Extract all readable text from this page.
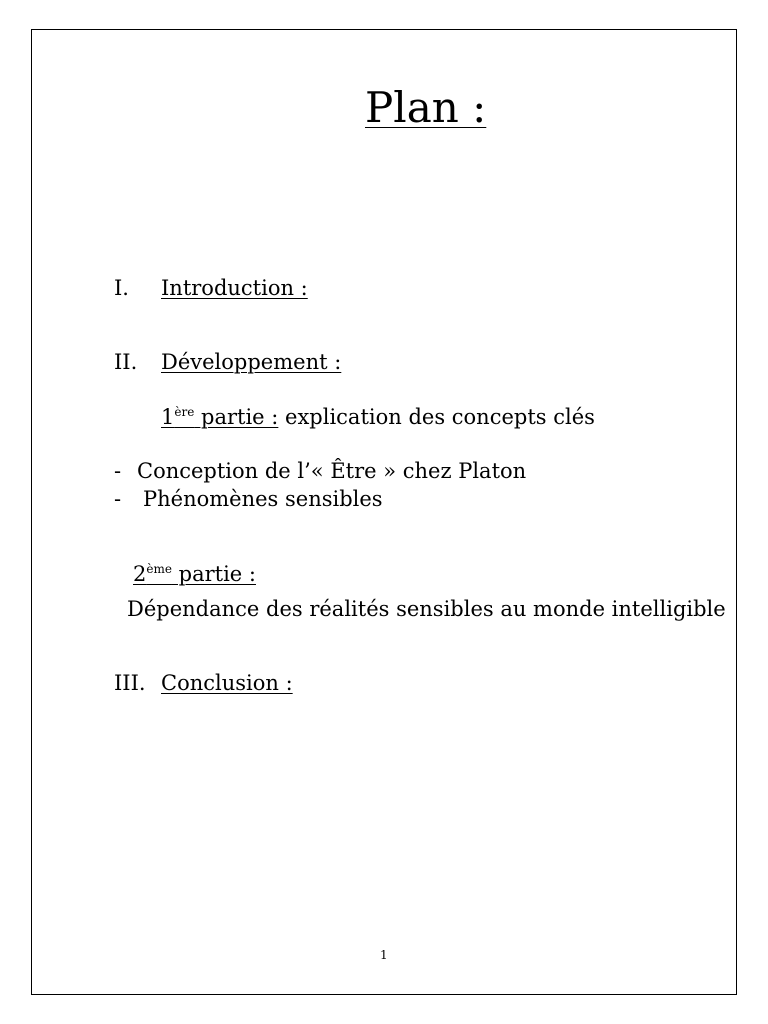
Plan :
I. Introduction :
II. Développement :
1ère partie : explication des concepts clés
- Conception de l’« Être » chez Platon
- Phénomènes sensibles
2ème partie :
Dépendance des réalités sensibles au monde intelligible
III. Conclusion :
1
